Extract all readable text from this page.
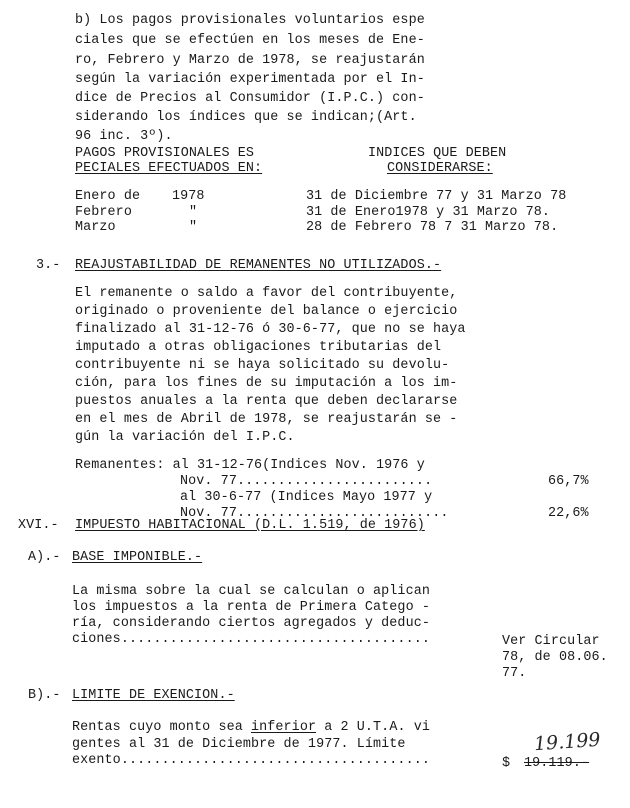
b) Los pagos provisionales voluntarios espe
ciales que se efectúen en los meses de Ene-
ro, Febrero y Marzo de 1978, se reajustarán
según la variación experimentada por el In-
dice de Precios al Consumidor (I.P.C.) con-
siderando los índices que se indican;(Art.
96 inc. 3º).
PAGOS PROVISIONALES ES
PECIALES EFECTUADOS EN:
INDICES QUE DEBEN
CONSIDERARSE:
Enero de 1978	31 de Diciembre 77 y 31 Marzo 78
Febrero	"	31 de Enero1978 y 31 Marzo 78.
Marzo	"	28 de Febrero 78 7 31 Marzo 78.
3.- REAJUSTABILIDAD DE REMANENTES NO UTILIZADOS.-
El remanente o saldo a favor del contribuyente,
originado o proveniente del balance o ejercicio
finalizado al 31-12-76 ó 30-6-77, que no se haya
imputado a otras obligaciones tributarias del
contribuyente ni se haya solicitado su devolu-
ción, para los fines de su imputación a los im-
puestos anuales a la renta que deben declararse
en el mes de Abril de 1978, se reajustarán se -
gún la variación del I.P.C.
Remanentes: al 31-12-76(Indices Nov. 1976 y
Nov. 77........................	66,7%
al 30-6-77 (Indices Mayo 1977 y
Nov. 77..........................	22,6%
XVI.- IMPUESTO HABITACIONAL (D.L. 1.519, de 1976)
A).- BASE IMPONIBLE.-
La misma sobre la cual se calculan o aplican
los impuestos a la renta de Primera Catego -
ría, considerando ciertos agregados y deduc-
ciones......................................	Ver Circular
78, de 08.06.
77.
B).- LIMITE DE EXENCION.-
Rentas cuyo monto sea inferior a 2 U.T.A. vi
gentes al 31 de Diciembre de 1977. Límite
exento......................................	$ 19.119.-
19.199
